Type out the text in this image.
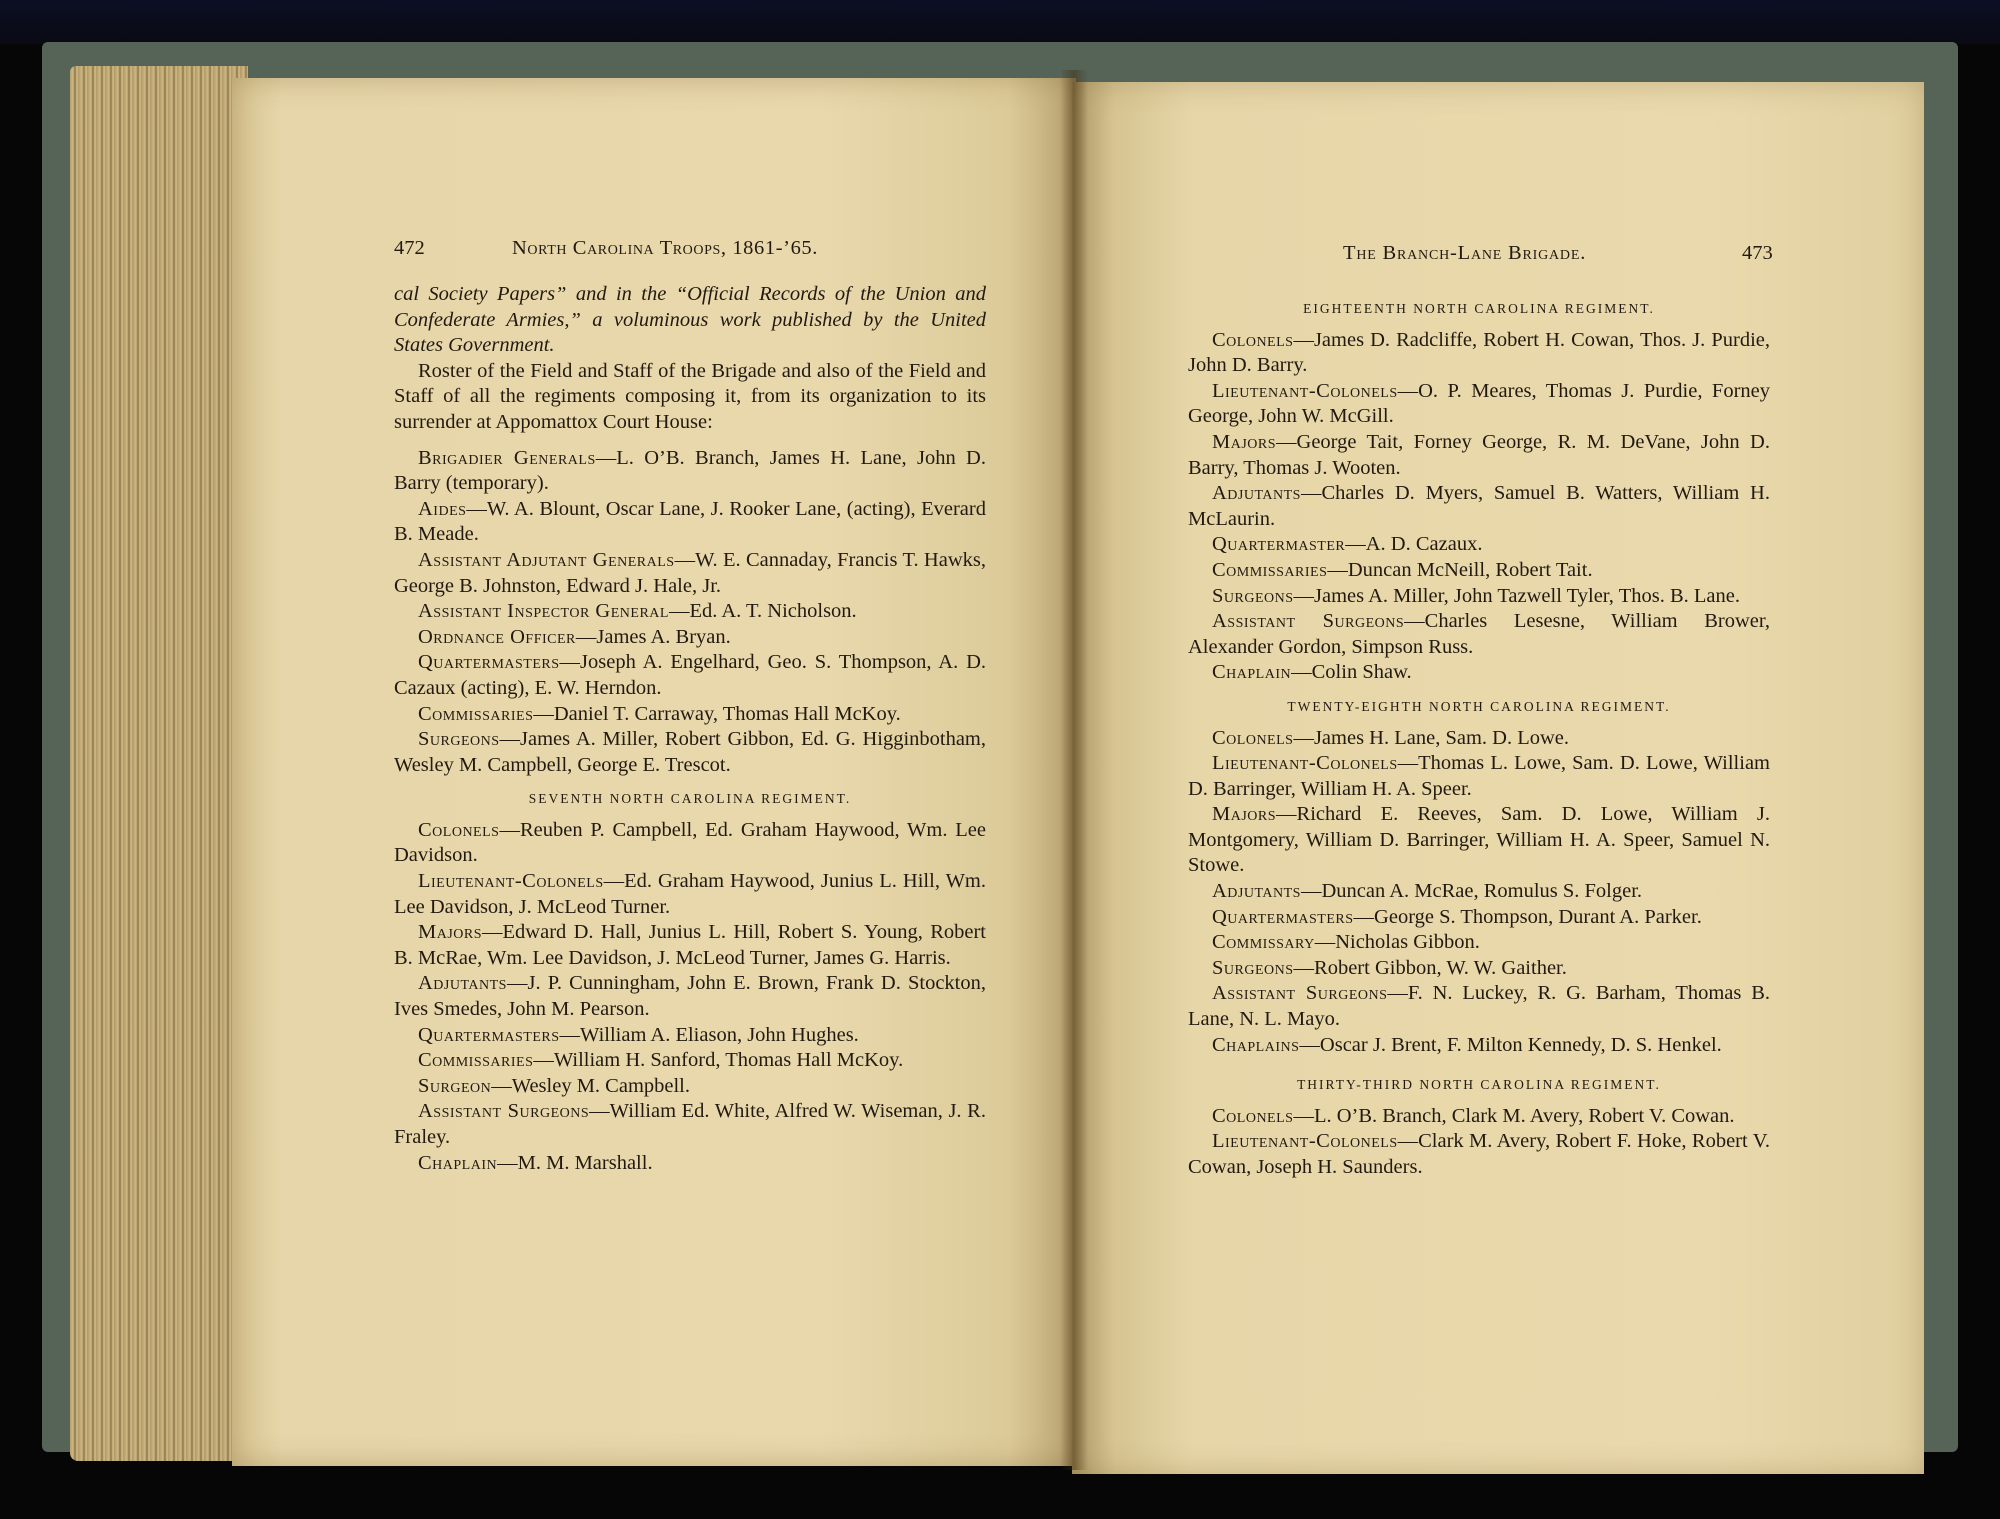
472	North Carolina Troops, 1861-’65.	The Branch-Lane Brigade.	473

cal Society Papers” and in the “Official Records of the Union and Confederate Armies,” a voluminous work published by the United States Government.

Roster of the Field and Staff of the Brigade and also of the Field and Staff of all the regiments composing it, from its organization to its surrender at Appomattox Court House:

Brigadier Generals—L. O’B. Branch, James H. Lane, John D. Barry (temporary).

Aides—W. A. Blount, Oscar Lane, J. Rooker Lane, (acting), Everard B. Meade.

Assistant Adjutant Generals—W. E. Cannaday, Francis T. Hawks, George B. Johnston, Edward J. Hale, Jr.

Assistant Inspector General—Ed. A. T. Nicholson.

Ordnance Officer—James A. Bryan.

Quartermasters—Joseph A. Engelhard, Geo. S. Thompson, A. D. Cazaux (acting), E. W. Herndon.

Commissaries—Daniel T. Carraway, Thomas Hall McKoy.

Surgeons—James A. Miller, Robert Gibbon, Ed. G. Higginbotham, Wesley M. Campbell, George E. Trescot.

SEVENTH NORTH CAROLINA REGIMENT.

Colonels—Reuben P. Campbell, Ed. Graham Haywood, Wm. Lee Davidson.

Lieutenant-Colonels—Ed. Graham Haywood, Junius L. Hill, Wm. Lee Davidson, J. McLeod Turner.

Majors—Edward D. Hall, Junius L. Hill, Robert S. Young, Robert B. McRae, Wm. Lee Davidson, J. McLeod Turner, James G. Harris.

Adjutants—J. P. Cunningham, John E. Brown, Frank D. Stockton, Ives Smedes, John M. Pearson.

Quartermasters—William A. Eliason, John Hughes.

Commissaries—William H. Sanford, Thomas Hall McKoy.

Surgeon—Wesley M. Campbell.

Assistant Surgeons—William Ed. White, Alfred W. Wiseman, J. R. Fraley.

Chaplain—M. M. Marshall.

EIGHTEENTH NORTH CAROLINA REGIMENT.

Colonels—James D. Radcliffe, Robert H. Cowan, Thos. J. Purdie, John D. Barry.

Lieutenant-Colonels—O. P. Meares, Thomas J. Purdie, Forney George, John W. McGill.

Majors—George Tait, Forney George, R. M. DeVane, John D. Barry, Thomas J. Wooten.

Adjutants—Charles D. Myers, Samuel B. Watters, William H. McLaurin.

Quartermaster—A. D. Cazaux.

Commissaries—Duncan McNeill, Robert Tait.

Surgeons—James A. Miller, John Tazwell Tyler, Thos. B. Lane.

Assistant Surgeons—Charles Lesesne, William Brower, Alexander Gordon, Simpson Russ.

Chaplain—Colin Shaw.

TWENTY-EIGHTH NORTH CAROLINA REGIMENT.

Colonels—James H. Lane, Sam. D. Lowe.

Lieutenant-Colonels—Thomas L. Lowe, Sam. D. Lowe, William D. Barringer, William H. A. Speer.

Majors—Richard E. Reeves, Sam. D. Lowe, William J. Montgomery, William D. Barringer, William H. A. Speer, Samuel N. Stowe.

Adjutants—Duncan A. McRae, Romulus S. Folger.

Quartermasters—George S. Thompson, Durant A. Parker.

Commissary—Nicholas Gibbon.

Surgeons—Robert Gibbon, W. W. Gaither.

Assistant Surgeons—F. N. Luckey, R. G. Barham, Thomas B. Lane, N. L. Mayo.

Chaplains—Oscar J. Brent, F. Milton Kennedy, D. S. Henkel.

THIRTY-THIRD NORTH CAROLINA REGIMENT.

Colonels—L. O’B. Branch, Clark M. Avery, Robert V. Cowan.

Lieutenant-Colonels—Clark M. Avery, Robert F. Hoke, Robert V. Cowan, Joseph H. Saunders.
